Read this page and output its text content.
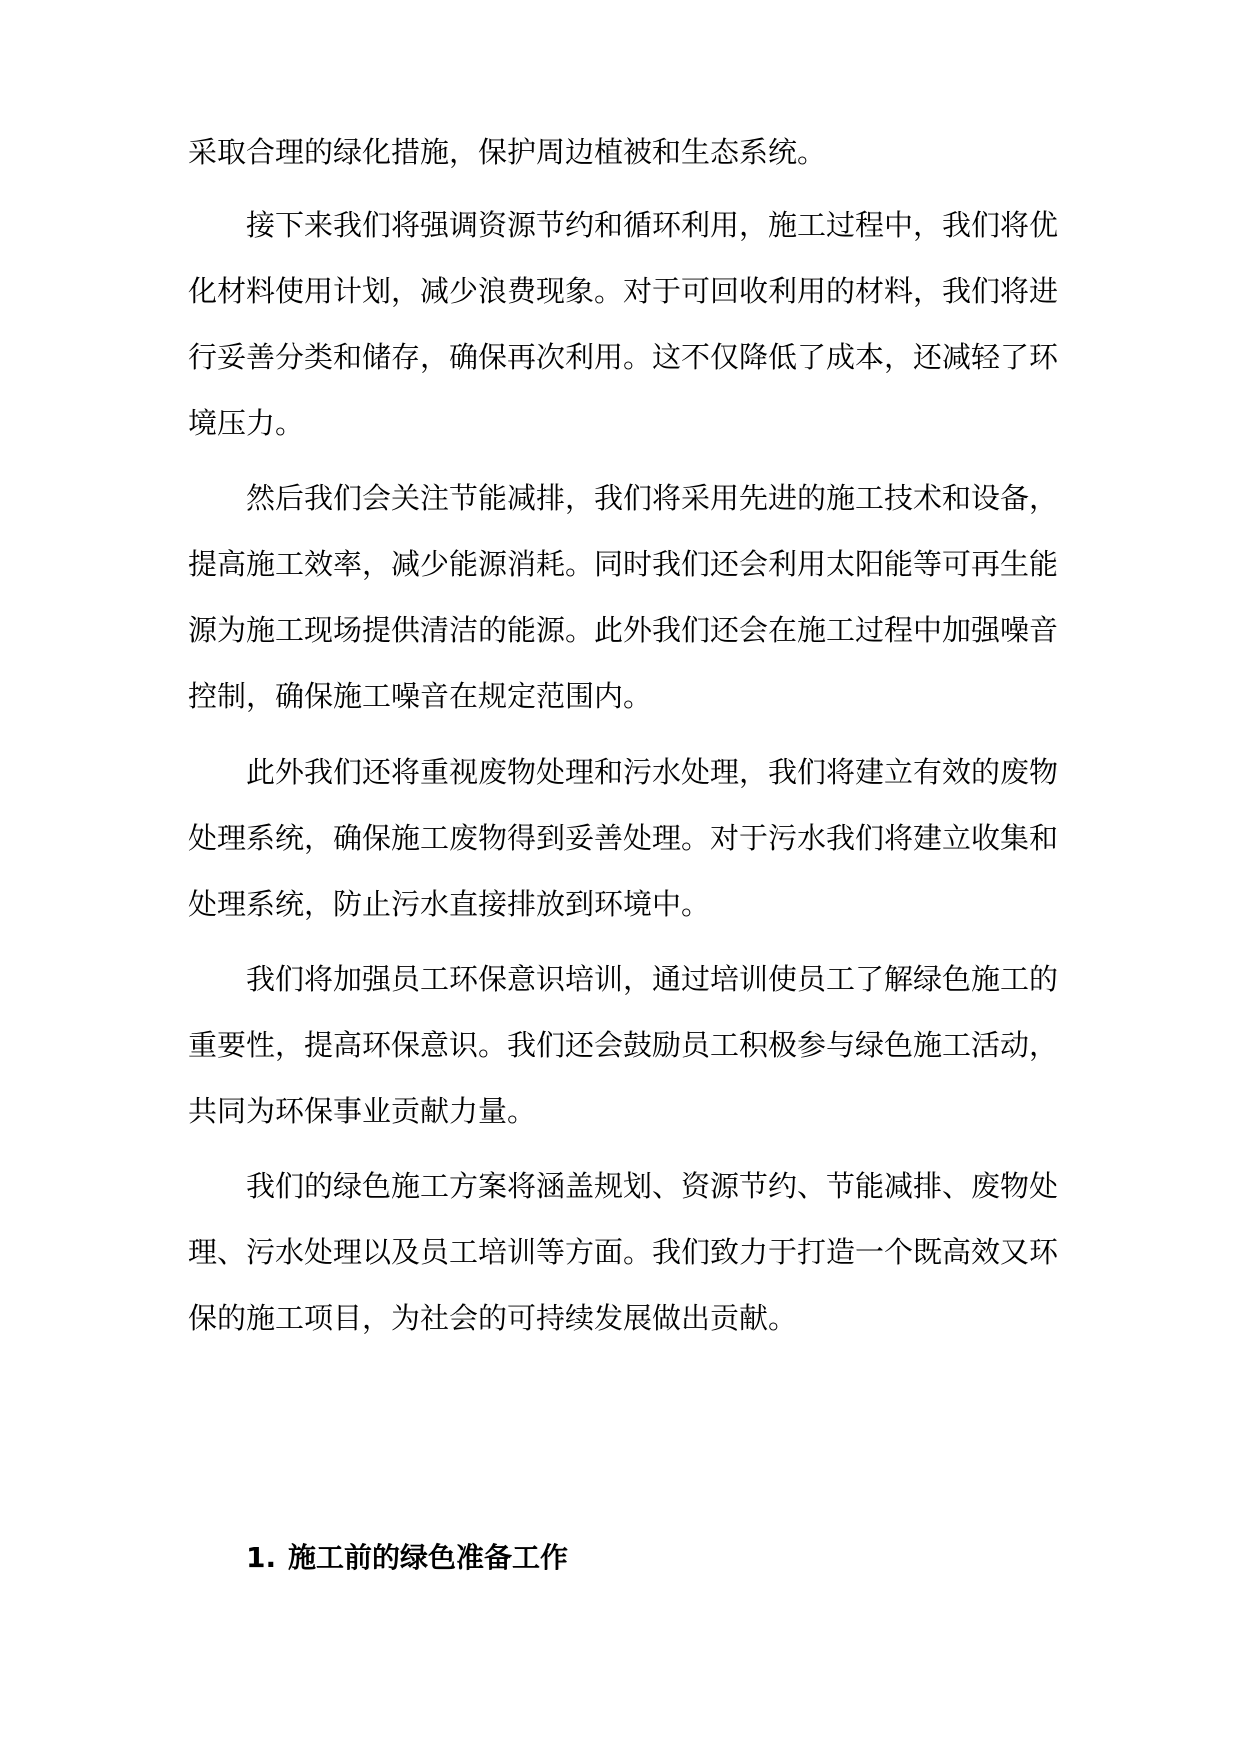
采取合理的绿化措施，保护周边植被和生态系统。
接下来我们将强调资源节约和循环利用，施工过程中，我们将优
化材料使用计划，减少浪费现象。对于可回收利用的材料，我们将进
行妥善分类和储存，确保再次利用。这不仅降低了成本，还减轻了环
境压力。
然后我们会关注节能减排，我们将采用先进的施工技术和设备，
提高施工效率，减少能源消耗。同时我们还会利用太阳能等可再生能
源为施工现场提供清洁的能源。此外我们还会在施工过程中加强噪音
控制，确保施工噪音在规定范围内。
此外我们还将重视废物处理和污水处理，我们将建立有效的废物
处理系统，确保施工废物得到妥善处理。对于污水我们将建立收集和
处理系统，防止污水直接排放到环境中。
我们将加强员工环保意识培训，通过培训使员工了解绿色施工的
重要性，提高环保意识。我们还会鼓励员工积极参与绿色施工活动，
共同为环保事业贡献力量。
我们的绿色施工方案将涵盖规划、资源节约、节能减排、废物处
理、污水处理以及员工培训等方面。我们致力于打造一个既高效又环
保的施工项目，为社会的可持续发展做出贡献。
1. 施工前的绿色准备工作
